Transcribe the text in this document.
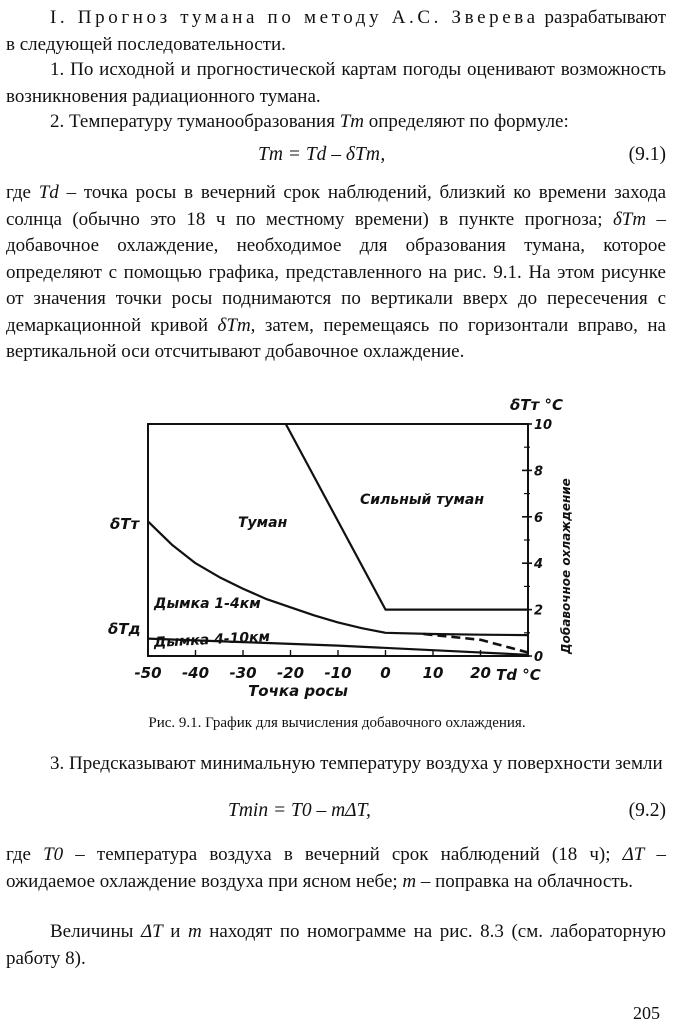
I. Прогноз тумана по методу А.С. Зверева разрабатывают в следующей последовательности.

1. По исходной и прогностической картам погоды оценивают возможность возникновения радиационного тумана.

2. Температуру туманообразования Tт определяют по формуле:

Tт = Td – δTт,	(9.1)

где Td – точка росы в вечерний срок наблюдений, близкий ко времени захода солнца (обычно это 18 ч по местному времени) в пункте прогноза; δTт – добавочное охлаждение, необходимое для образования тумана, которое определяют с помощью графика, представленного на рис. 9.1. На этом рисунке от значения точки росы поднимаются по вертикали вверх до пересечения с демаркационной кривой δTт, затем, перемещаясь по горизонтали вправо, на вертикальной оси отсчитывают добавочное охлаждение.

0
2
4
6
8
10
-50 -40 -30 -20 -10 0 10 20
δTт °C
Добавочное охлаждение
Td °C
Точка росы
δTт
δTд
Сильный туман
Туман
Дымка 1-4км
Дымка 4-10км
Рис. 9.1. График для вычисления добавочного охлаждения.

3. Предсказывают минимальную температуру воздуха у поверхности земли

Tmin = T0 – mΔT,	(9.2)

где T0 – температура воздуха в вечерний срок наблюдений (18 ч); ΔT – ожидаемое охлаждение воздуха при ясном небе; m – поправка на облачность.

Величины ΔT и m находят по номограмме на рис. 8.3 (см. лабораторную работу 8).

205
